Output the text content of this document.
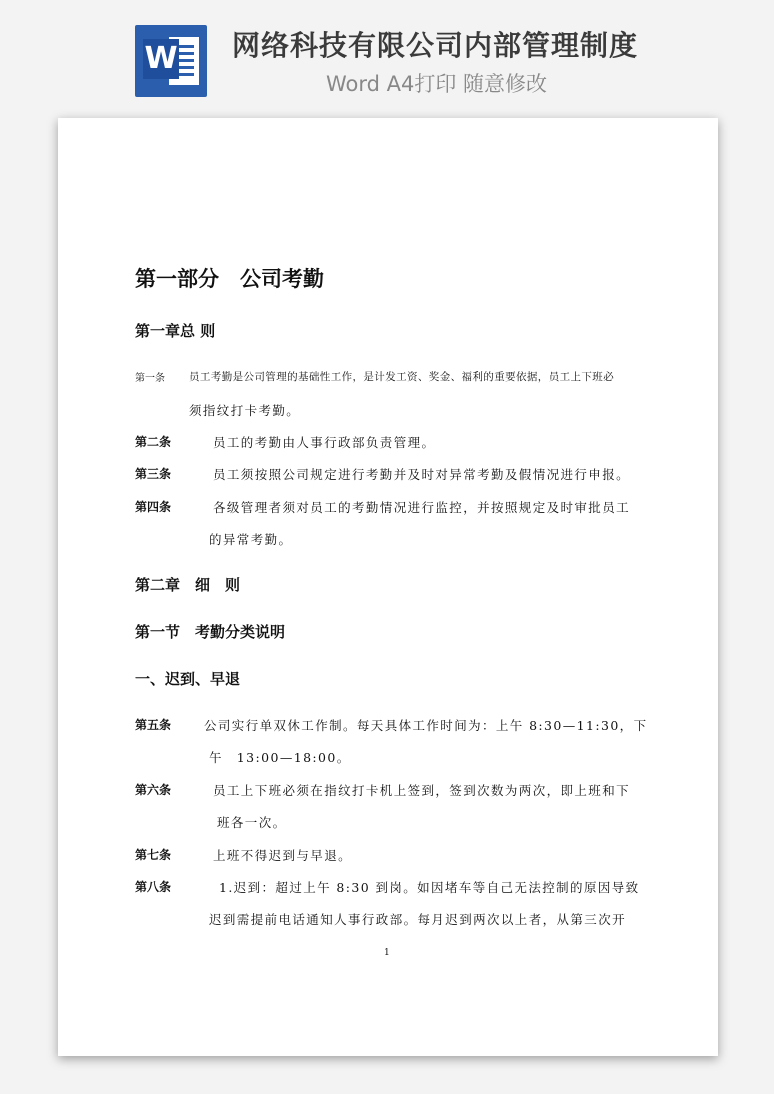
W 网络科技有限公司内部管理制度
Word A4打印 随意修改
第一部分　公司考勤
第一章总 则
第一条 员工考勤是公司管理的基础性工作，是计发工资、奖金、福利的重要依据，员工上下班必
须指纹打卡考勤。
第二条	员工的考勤由人事行政部负责管理。
第三条	员工须按照公司规定进行考勤并及时对异常考勤及假情况进行申报。
第四条	各级管理者须对员工的考勤情况进行监控，并按照规定及时审批员工
的异常考勤。
第二章　细　则
第一节　考勤分类说明
一、迟到、早退
第五条	公司实行单双休工作制。每天具体工作时间为：上午 8:30—11:30，下
午　13:00—18:00。
第六条	员工上下班必须在指纹打卡机上签到，签到次数为两次，即上班和下
班各一次。
第七条	上班不得迟到与早退。
第八条	1.迟到：超过上午 8:30 到岗。如因堵车等自己无法控制的原因导致
迟到需提前电话通知人事行政部。每月迟到两次以上者，从第三次开
1
